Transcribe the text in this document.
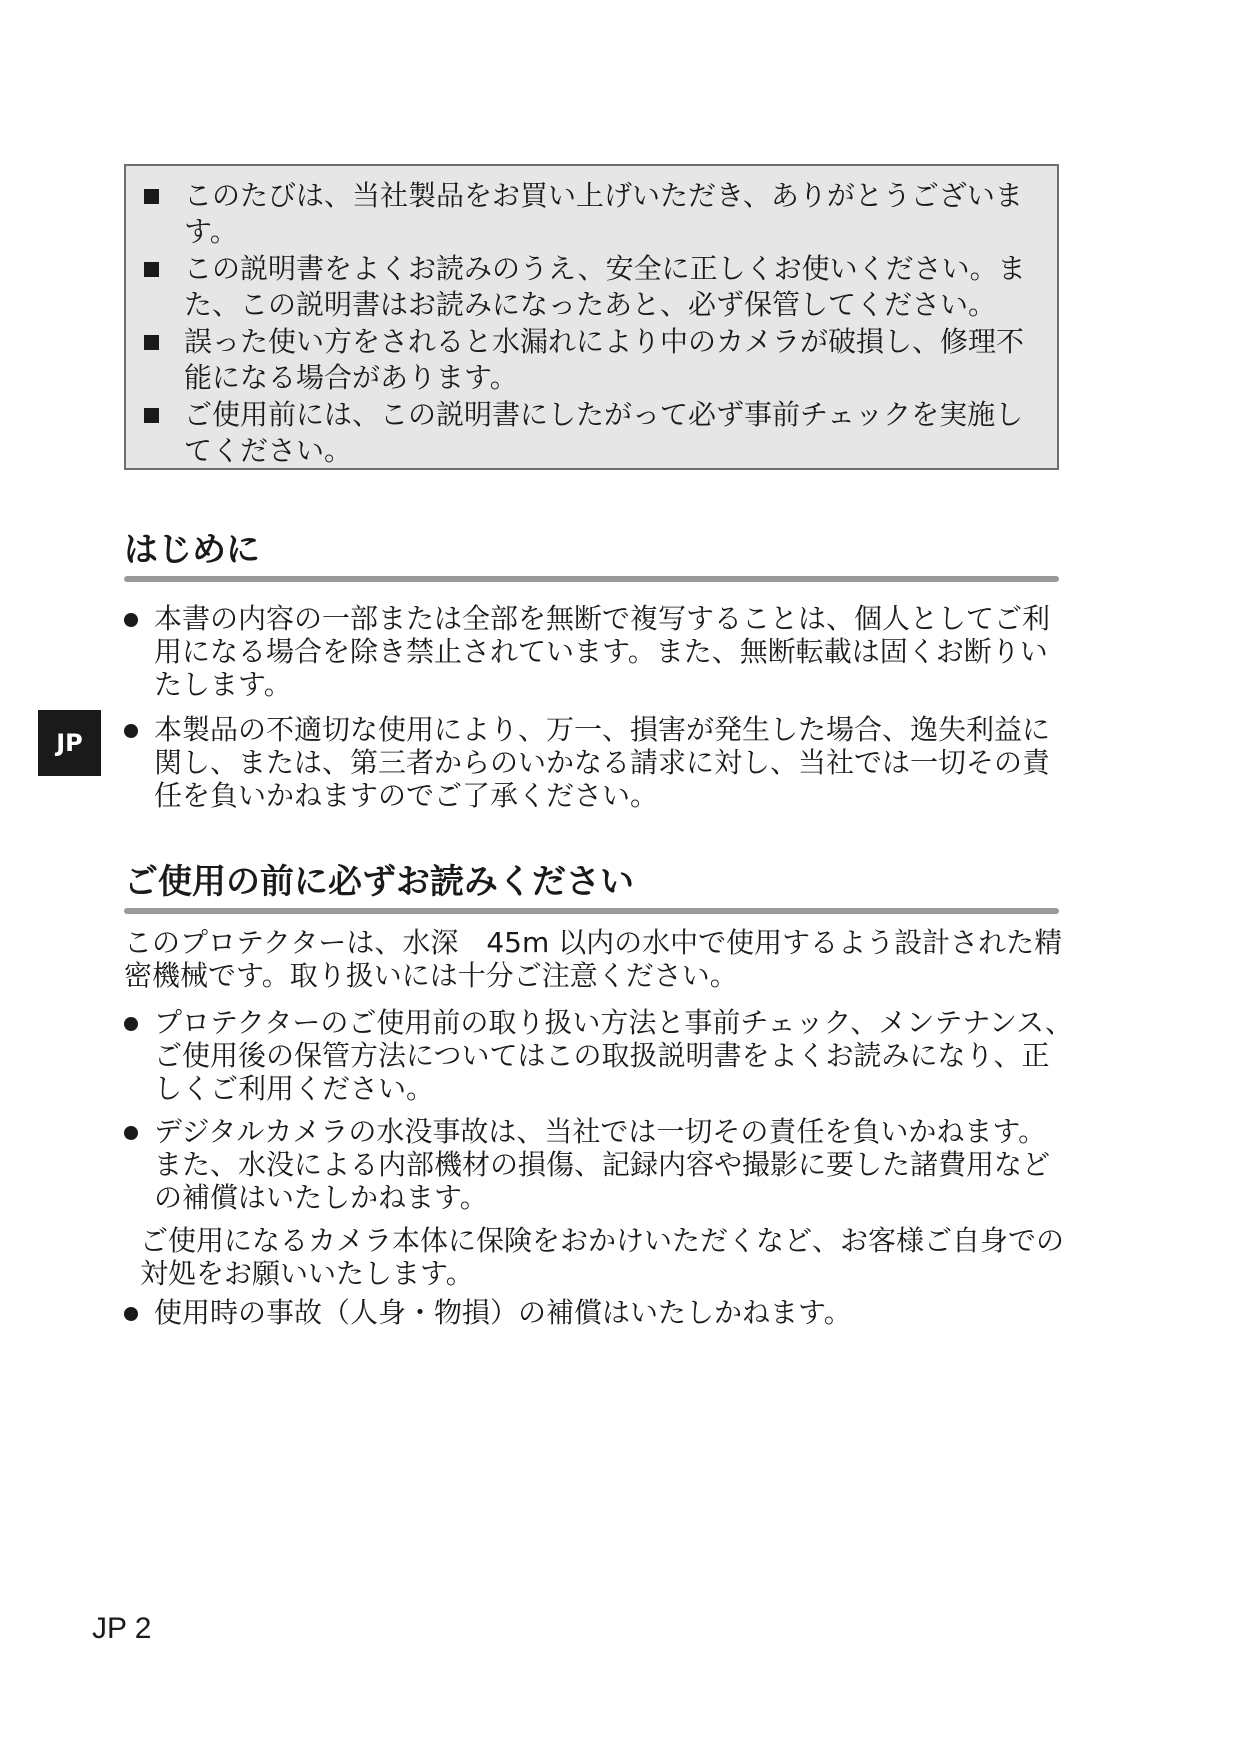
このたびは、当社製品をお買い上げいただき、ありがとうございます。
この説明書をよくお読みのうえ、安全に正しくお使いください。また、この説明書はお読みになったあと、必ず保管してください。
誤った使い方をされると水漏れにより中のカメラが破損し、修理不能になる場合があります。
ご使用前には、この説明書にしたがって必ず事前チェックを実施してください。
はじめに
本書の内容の一部または全部を無断で複写することは、個人としてご利用になる場合を除き禁止されています。また、無断転載は固くお断りいたします。
本製品の不適切な使用により、万一、損害が発生した場合、逸失利益に関し、または、第三者からのいかなる請求に対し、当社では一切その責任を負いかねますのでご了承ください。
JP
ご使用の前に必ずお読みください
このプロテクターは、水深　45m 以内の水中で使用するよう設計された精密機械です。取り扱いには十分ご注意ください。
プロテクターのご使用前の取り扱い方法と事前チェック、メンテナンス、ご使用後の保管方法についてはこの取扱説明書をよくお読みになり、正しくご利用ください。
デジタルカメラの水没事故は、当社では一切その責任を負いかねます。また、水没による内部機材の損傷、記録内容や撮影に要した諸費用などの補償はいたしかねます。
ご使用になるカメラ本体に保険をおかけいただくなど、お客様ご自身での対処をお願いいたします。
使用時の事故（人身・物損）の補償はいたしかねます。
JP 2
